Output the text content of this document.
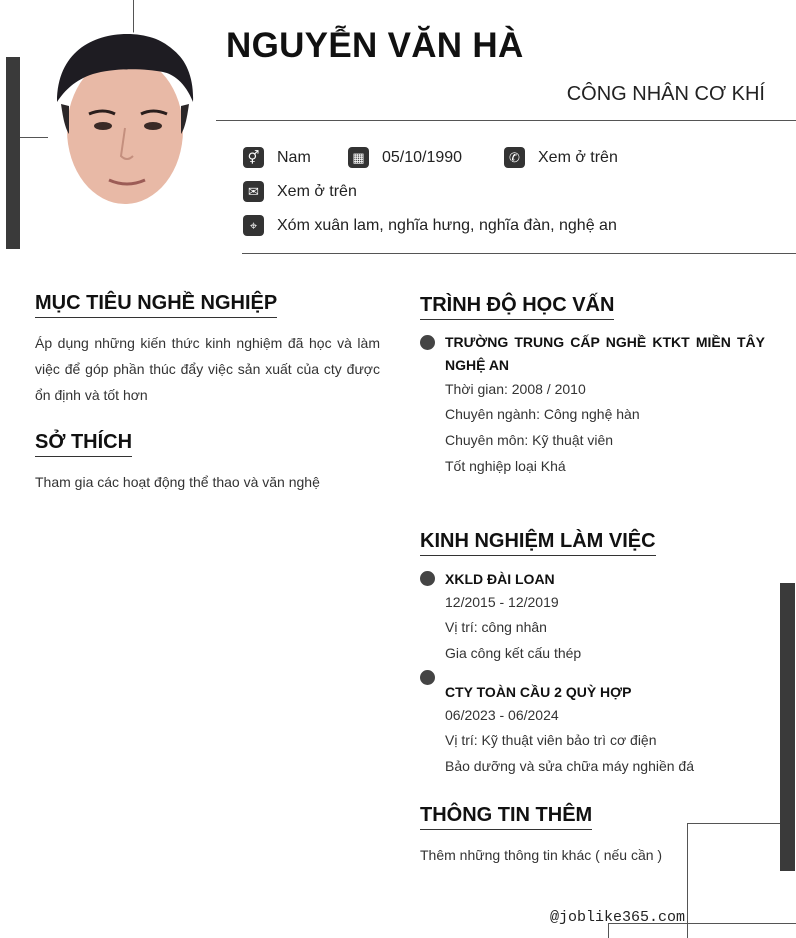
NGUYỄN VĂN HÀ
CÔNG NHÂN CƠ KHÍ
⚥ Nam	▦ 05/10/1990	✆	Xem ở trên
✉	Xem ở trên
⌖	Xóm xuân lam, nghĩa hưng, nghĩa đàn, nghệ an
MỤC TIÊU NGHỀ NGHIỆP
Áp dụng những kiến thức kinh nghiệm đã học và làm việc để góp phần thúc đẩy việc sản xuất của cty được ổn định và tốt hơn
SỞ THÍCH
Tham gia các hoạt động thể thao và văn nghệ
TRÌNH ĐỘ HỌC VẤN
TRƯỜNG TRUNG CẤP NGHỀ KTKT MIỀN TÂY NGHỆ AN
Thời gian: 2008 / 2010
Chuyên ngành: Công nghệ hàn
Chuyên môn: Kỹ thuật viên
Tốt nghiệp loại Khá
KINH NGHIỆM LÀM VIỆC
XKLD ĐÀI LOAN
12/2015 - 12/2019
Vị trí: công nhân
Gia công kết cấu thép
CTY TOÀN CẦU 2 QUỲ HỢP
06/2023 - 06/2024
Vị trí: Kỹ thuật viên bảo trì cơ điện
Bảo dưỡng và sửa chữa máy nghiền đá
THÔNG TIN THÊM
Thêm những thông tin khác ( nếu cần )
@joblike365.com
